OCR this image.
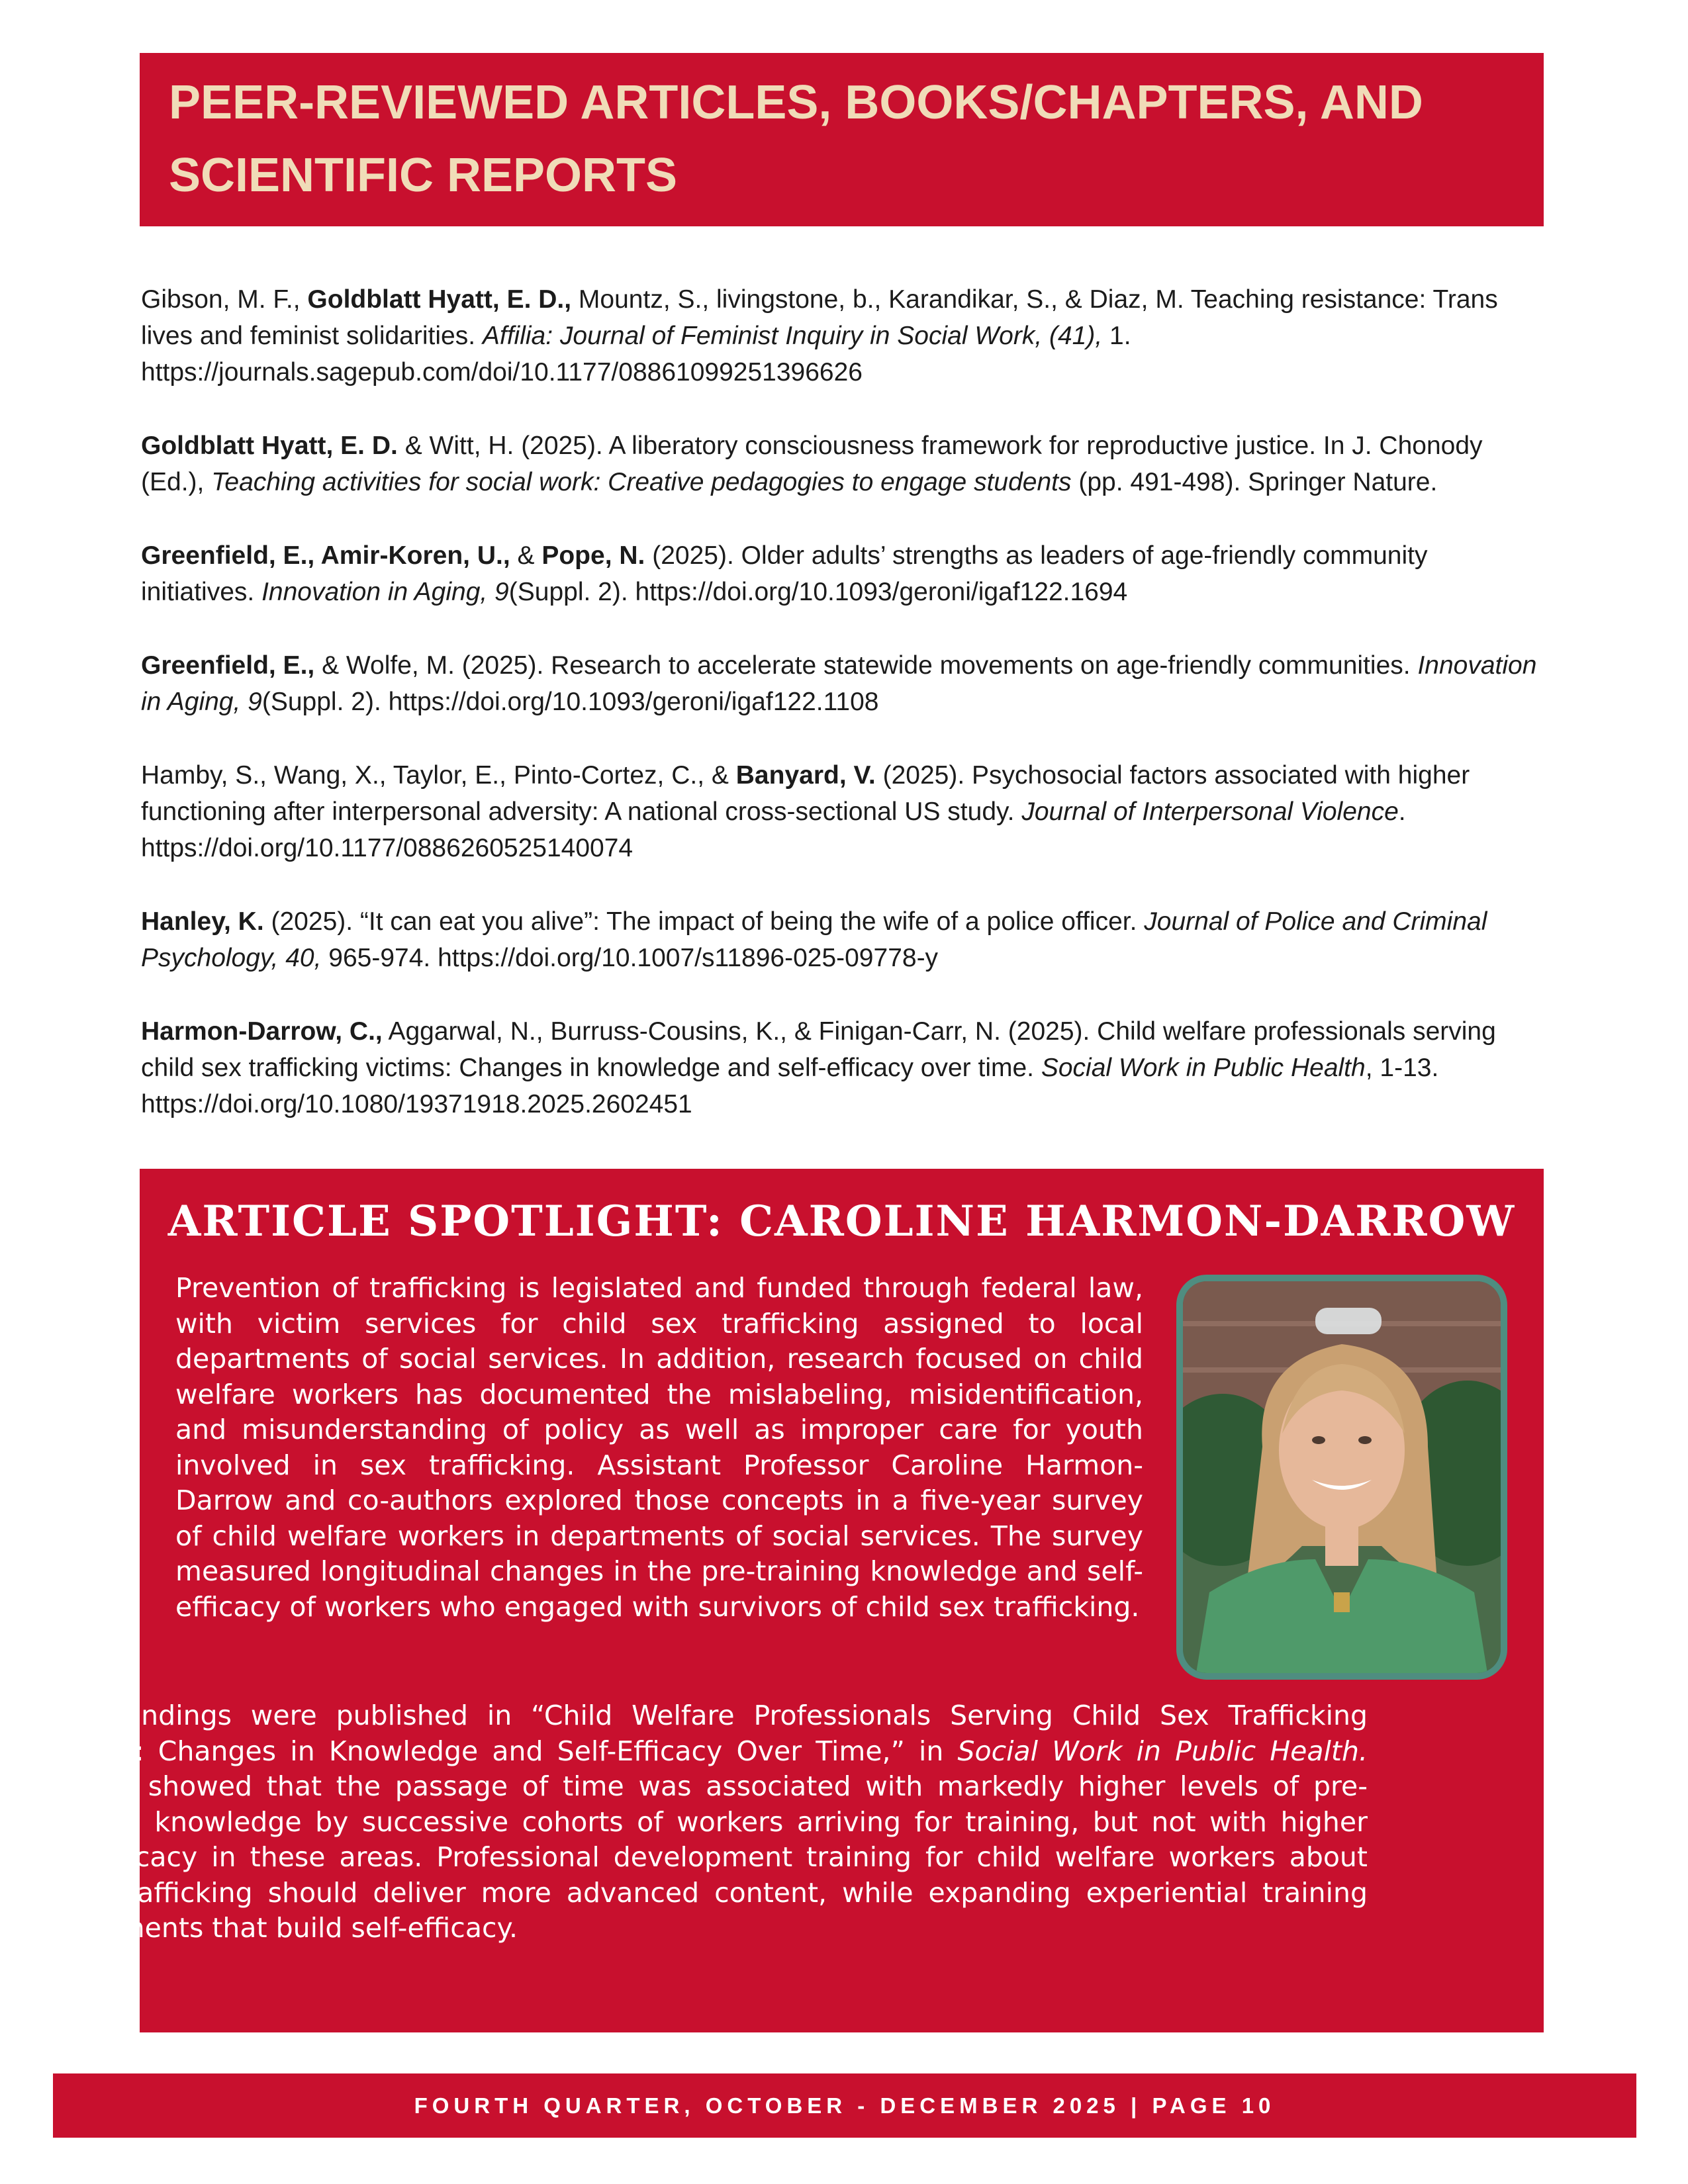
PEER-REVIEWED ARTICLES, BOOKS/CHAPTERS, AND

SCIENTIFIC REPORTS

Gibson, M. F., Goldblatt Hyatt, E. D., Mountz, S., livingstone, b., Karandikar, S., & Diaz, M. Teaching resistance: Trans lives and feminist solidarities. Affilia: Journal of Feminist Inquiry in Social Work, (41), 1. https://journals.sagepub.com/doi/10.1177/08861099251396626

Goldblatt Hyatt, E. D. & Witt, H. (2025). A liberatory consciousness framework for reproductive justice. In J. Chonody (Ed.), Teaching activities for social work: Creative pedagogies to engage students (pp. 491-498). Springer Nature.

Greenfield, E., Amir-Koren, U., & Pope, N. (2025). Older adults’ strengths as leaders of age-friendly community initiatives. Innovation in Aging, 9(Suppl. 2). https://doi.org/10.1093/geroni/igaf122.1694

Greenfield, E., & Wolfe, M. (2025). Research to accelerate statewide movements on age-friendly communities. Innovation in Aging, 9(Suppl. 2). https://doi.org/10.1093/geroni/igaf122.1108

Hamby, S., Wang, X., Taylor, E., Pinto-Cortez, C., & Banyard, V. (2025). Psychosocial factors associated with higher functioning after interpersonal adversity: A national cross-sectional US study. Journal of Interpersonal Violence. https://doi.org/10.1177/0886260525140074

Hanley, K. (2025). “It can eat you alive”: The impact of being the wife of a police officer. Journal of Police and Criminal Psychology, 40, 965-974. https://doi.org/10.1007/s11896-025-09778-y

Harmon-Darrow, C., Aggarwal, N., Burruss-Cousins, K., & Finigan-Carr, N. (2025). Child welfare professionals serving child sex trafficking victims: Changes in knowledge and self-efficacy over time. Social Work in Public Health, 1-13. https://doi.org/10.1080/19371918.2025.2602451

ARTICLE SPOTLIGHT: CAROLINE HARMON-DARROW

Prevention of trafficking is legislated and funded through federal law, with victim services for child sex trafficking assigned to local departments of social services. In addition, research focused on child welfare workers has documented the mislabeling, misidentification, and misunderstanding of policy as well as improper care for youth involved in sex trafficking. Assistant Professor Caroline Harmon-Darrow and co-authors explored those concepts in a five-year survey of child welfare workers in departments of social services. The survey measured longitudinal changes in the pre-training knowledge and self-efficacy of workers who engaged with survivors of child sex trafficking.

Their findings were published in “Child Welfare Professionals Serving Child Sex Trafficking Victims: Changes in Knowledge and Self-Efficacy Over Time,” in Social Work in Public Health. Results showed that the passage of time was associated with markedly higher levels of pre-training knowledge by successive cohorts of workers arriving for training, but not with higher self-efficacy in these areas. Professional development training for child welfare workers about child trafficking should deliver more advanced content, while expanding experiential training components that build self-efficacy.

FOURTH QUARTER, OCTOBER - DECEMBER 2025 | PAGE 10
